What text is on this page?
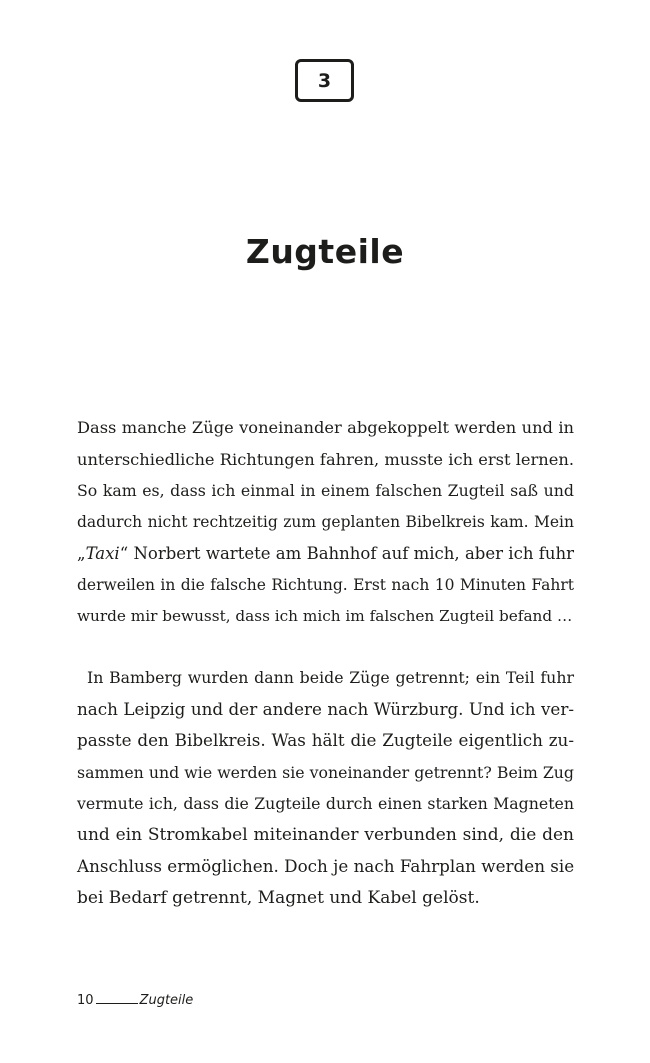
3
Zugteile
Dass manche Züge voneinander abgekoppelt werden und in
unterschiedliche Richtungen fahren, musste ich erst lernen.
So kam es, dass ich einmal in einem falschen Zugteil saß und
dadurch nicht rechtzeitig zum geplanten Bibelkreis kam. Mein
„Taxi“ Norbert wartete am Bahnhof auf mich, aber ich fuhr
derweilen in die falsche Richtung. Erst nach 10 Minuten Fahrt
wurde mir bewusst, dass ich mich im falschen Zugteil befand …
In Bamberg wurden dann beide Züge getrennt; ein Teil fuhr
nach Leipzig und der andere nach Würzburg. Und ich ver-
passte den Bibelkreis. Was hält die Zugteile eigentlich zu-
sammen und wie werden sie voneinander getrennt? Beim Zug
vermute ich, dass die Zugteile durch einen starken Magneten
und ein Stromkabel miteinander verbunden sind, die den
Anschluss ermöglichen. Doch je nach Fahrplan werden sie
bei Bedarf getrennt, Magnet und Kabel gelöst.
10	Zugteile
